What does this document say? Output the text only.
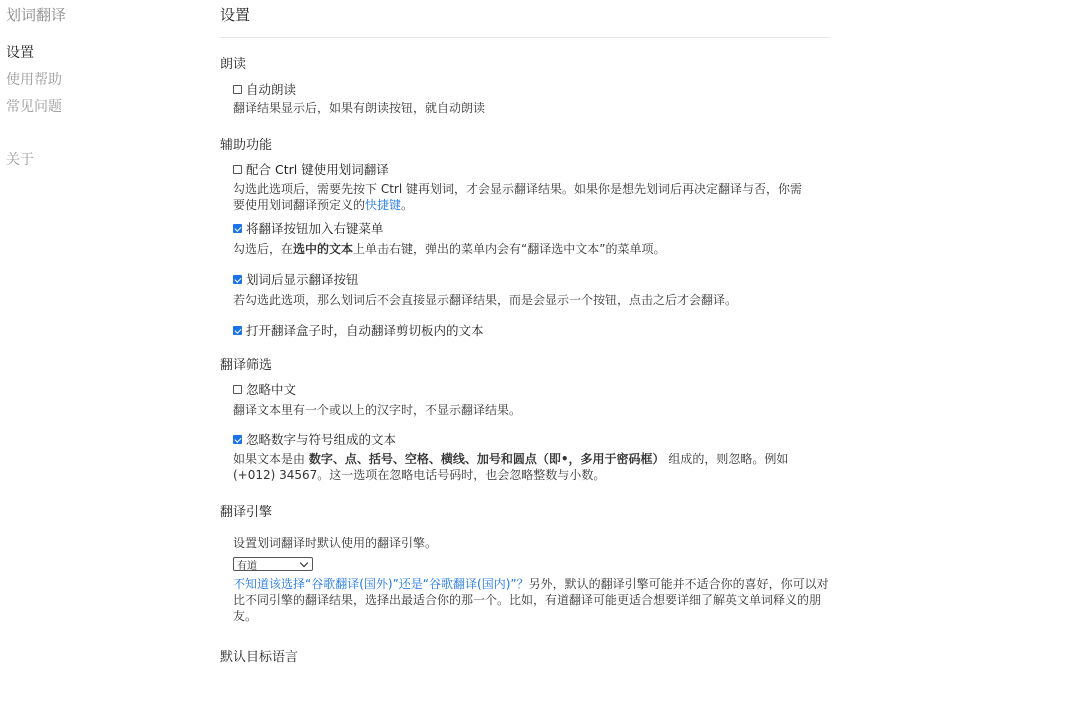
划词翻译
设置
使用帮助
常见问题
关于
设置
朗读
自动朗读
翻译结果显示后，如果有朗读按钮，就自动朗读
辅助功能
配合 Ctrl 键使用划词翻译
勾选此选项后，需要先按下 Ctrl 键再划词，才会显示翻译结果。如果你是想先划词后再决定翻译与否，你需要使用划词翻译预定义的快捷键。
将翻译按钮加入右键菜单
勾选后，在选中的文本上单击右键，弹出的菜单内会有“翻译选中文本”的菜单项。
划词后显示翻译按钮
若勾选此选项，那么划词后不会直接显示翻译结果，而是会显示一个按钮，点击之后才会翻译。
打开翻译盒子时，自动翻译剪切板内的文本
翻译筛选
忽略中文
翻译文本里有一个或以上的汉字时，不显示翻译结果。
忽略数字与符号组成的文本
如果文本是由 数字、点、括号、空格、横线、加号和圆点（即•，多用于密码框） 组成的，则忽略。例如 (+012) 34567。这一选项在忽略电话号码时，也会忽略整数与小数。
翻译引擎
设置划词翻译时默认使用的翻译引擎。
有道
不知道该选择“谷歌翻译(国外)”还是“谷歌翻译(国内)”？另外，默认的翻译引擎可能并不适合你的喜好，你可以对比不同引擎的翻译结果，选择出最适合你的那一个。比如，有道翻译可能更适合想要详细了解英文单词释义的朋友。
默认目标语言
